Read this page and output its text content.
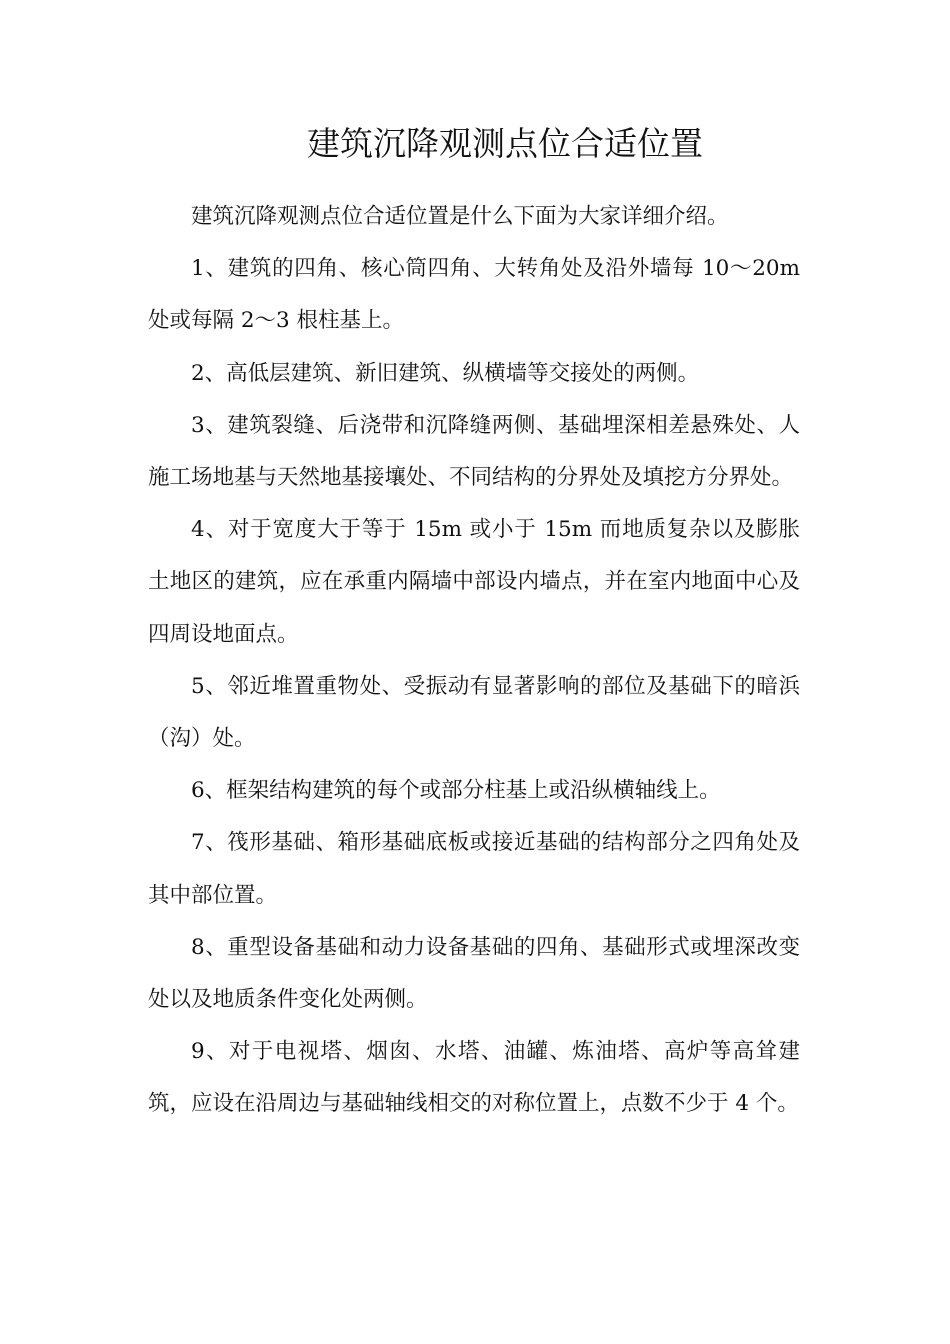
建筑沉降观测点位合适位置

建筑沉降观测点位合适位置是什么下面为大家详细介绍。

1、建筑的四角、核心筒四角、大转角处及沿外墙每 10～20m 处或每隔 2～3 根柱基上。

2、高低层建筑、新旧建筑、纵横墙等交接处的两侧。

3、建筑裂缝、后浇带和沉降缝两侧、基础埋深相差悬殊处、人施工场地基与天然地基接壤处、不同结构的分界处及填挖方分界处。

4、对于宽度大于等于 15m 或小于 15m 而地质复杂以及膨胀土地区的建筑，应在承重内隔墙中部设内墙点，并在室内地面中心及四周设地面点。

5、邻近堆置重物处、受振动有显著影响的部位及基础下的暗浜（沟）处。

6、框架结构建筑的每个或部分柱基上或沿纵横轴线上。

7、筏形基础、箱形基础底板或接近基础的结构部分之四角处及其中部位置。

8、重型设备基础和动力设备基础的四角、基础形式或埋深改变处以及地质条件变化处两侧。

9、对于电视塔、烟囱、水塔、油罐、炼油塔、高炉等高耸建筑，应设在沿周边与基础轴线相交的对称位置上，点数不少于 4 个。
